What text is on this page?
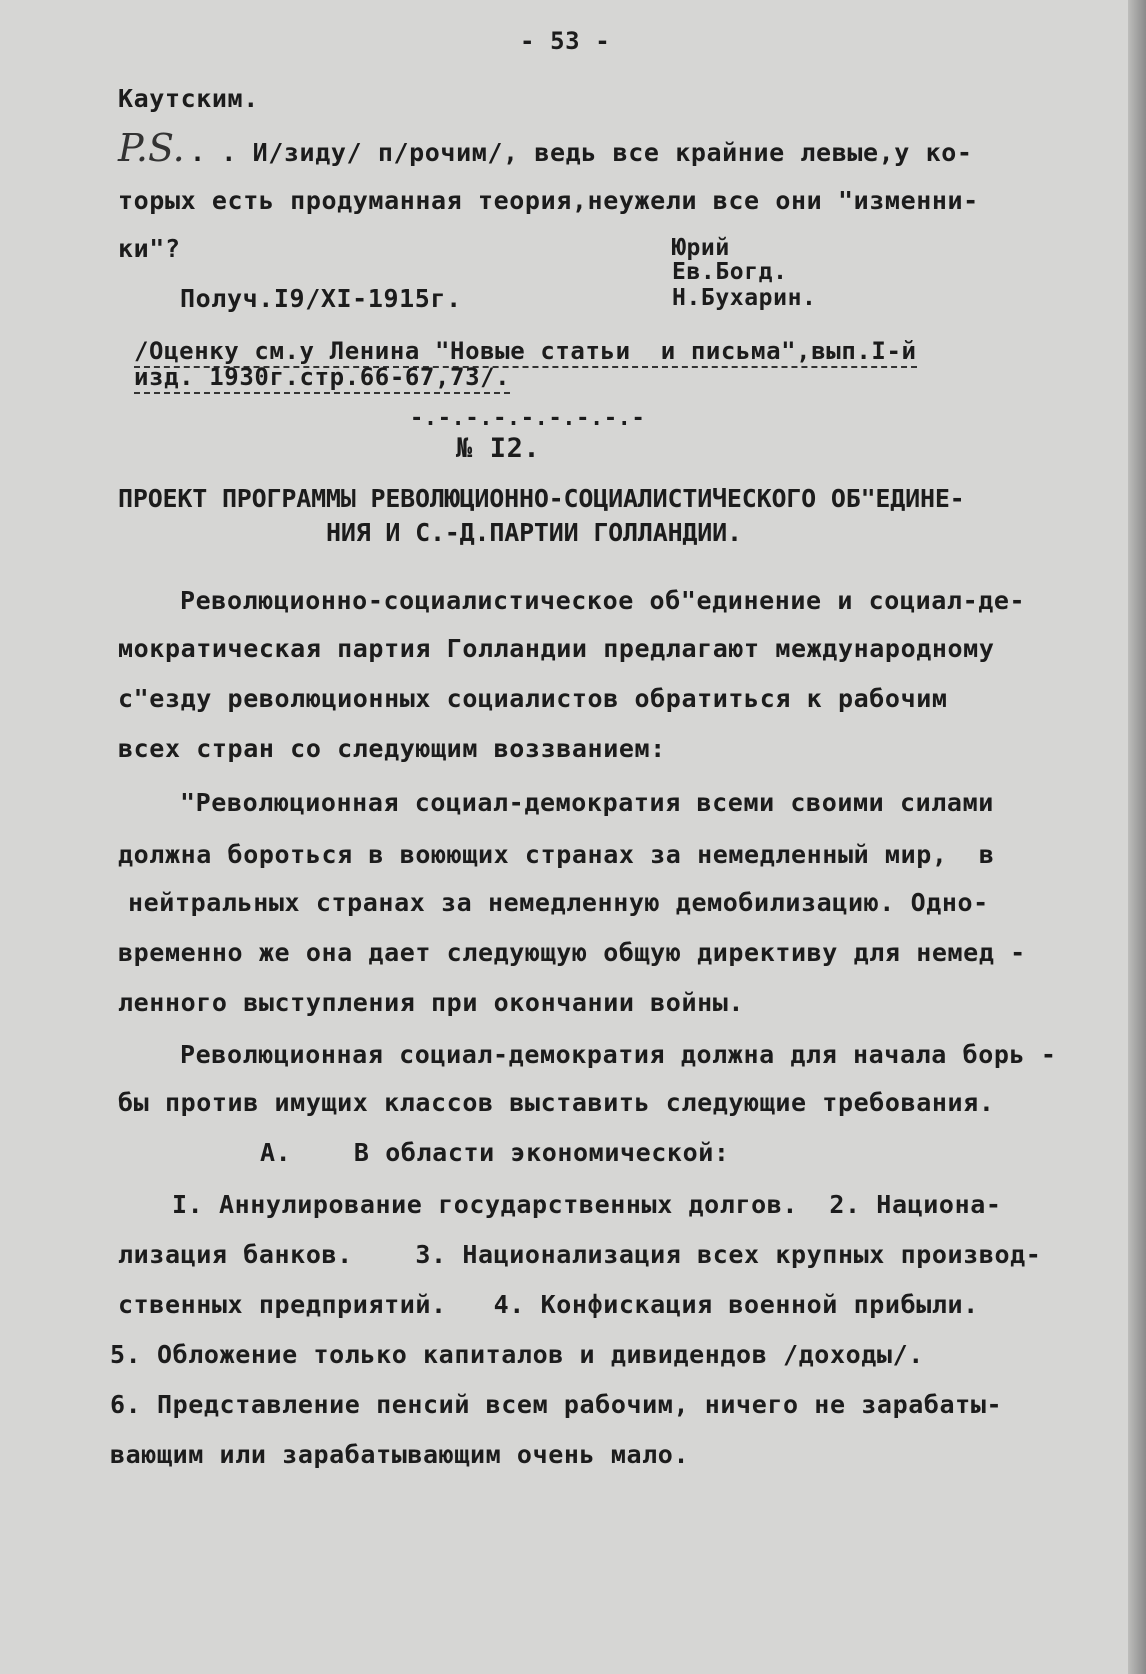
- 53 -
Каутским.
P.S. . . И/зиду/ п/рочим/, ведь все крайние левые,у ко-
торых есть продуманная теория,неужели все они "изменни-
ки"?	Юрий
Ев.Богд.
Н.Бухарин.
Получ.I9/XI-1915г.
/Оценку см.у Ленина "Новые статьи  и письма",вып.I-й
изд. 1930г.стр.66-67,73/.
-.-.-.-.-.-.-.-.-
№ I2.
ПРОЕКТ ПРОГРАММЫ РЕВОЛЮЦИОННО-СОЦИАЛИСТИЧЕСКОГО ОБ"ЕДИНЕ-
НИЯ И С.-Д.ПАРТИИ ГОЛЛАНДИИ.
Революционно-социалистическое об"единение и социал-де-
мократическая партия Голландии предлагают международному
с"езду революционных социалистов обратиться к рабочим
всех стран со следующим воззванием:
"Революционная социал-демократия всеми своими силами
должна бороться в воюющих странах за немедленный мир,  в
нейтральных странах за немедленную демобилизацию. Одно-
временно же она дает следующую общую директиву для немед -
ленного выступления при окончании войны.
Революционная социал-демократия должна для начала борь -
бы против имущих классов выставить следующие требования.
А.    В области экономической:
I. Аннулирование государственных долгов.  2. Национа-
лизация банков.    3. Национализация всех крупных производ-
ственных предприятий.   4. Конфискация военной прибыли.
5. Обложение только капиталов и дивидендов /доходы/.
6. Представление пенсий всем рабочим, ничего не зарабаты-
вающим или зарабатывающим очень мало.
